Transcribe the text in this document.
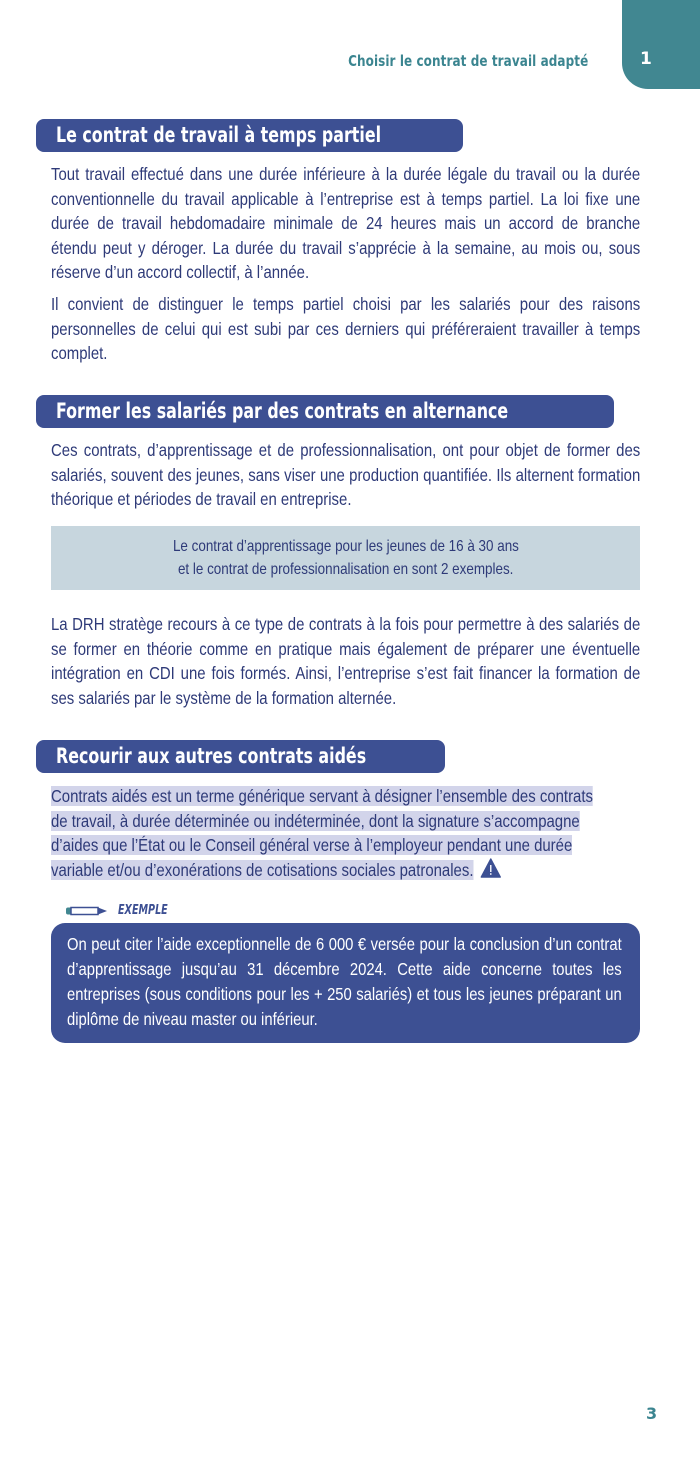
Choisir le contrat de travail adapté	1
Le contrat de travail à temps partiel
Tout travail effectué dans une durée inférieure à la durée légale du travail ou la durée conventionnelle du travail applicable à l’entreprise est à temps partiel. La loi fixe une durée de travail hebdomadaire minimale de 24 heures mais un accord de branche étendu peut y déroger. La durée du travail s’apprécie à la semaine, au mois ou, sous réserve d’un accord collectif, à l’année.
Il convient de distinguer le temps partiel choisi par les salariés pour des raisons personnelles de celui qui est subi par ces derniers qui préféreraient travailler à temps complet.
Former les salariés par des contrats en alternance
Ces contrats, d’apprentissage et de professionnalisation, ont pour objet de former des salariés, souvent des jeunes, sans viser une production quantifiée. Ils alternent formation théorique et périodes de travail en entreprise.
Le contrat d’apprentissage pour les jeunes de 16 à 30 ans
et le contrat de professionnalisation en sont 2 exemples.
La DRH stratège recours à ce type de contrats à la fois pour permettre à des salariés de se former en théorie comme en pratique mais également de préparer une éventuelle intégration en CDI une fois formés. Ainsi, l’entreprise s’est fait financer la formation de ses salariés par le système de la formation alternée.
Recourir aux autres contrats aidés
Contrats aidés est un terme générique servant à désigner l’ensemble des contrats
de travail, à durée déterminée ou indéterminée, dont la signature s’accompagne
d’aides que l’État ou le Conseil général verse à l’employeur pendant une durée
variable et/ou d’exonérations de cotisations sociales patronales.
EXEMPLE
On peut citer l’aide exceptionnelle de 6 000 € versée pour la conclusion d’un contrat d’apprentissage jusqu’au 31 décembre 2024. Cette aide concerne toutes les entreprises (sous conditions pour les + 250 salariés) et tous les jeunes préparant un diplôme de niveau master ou inférieur.
3
